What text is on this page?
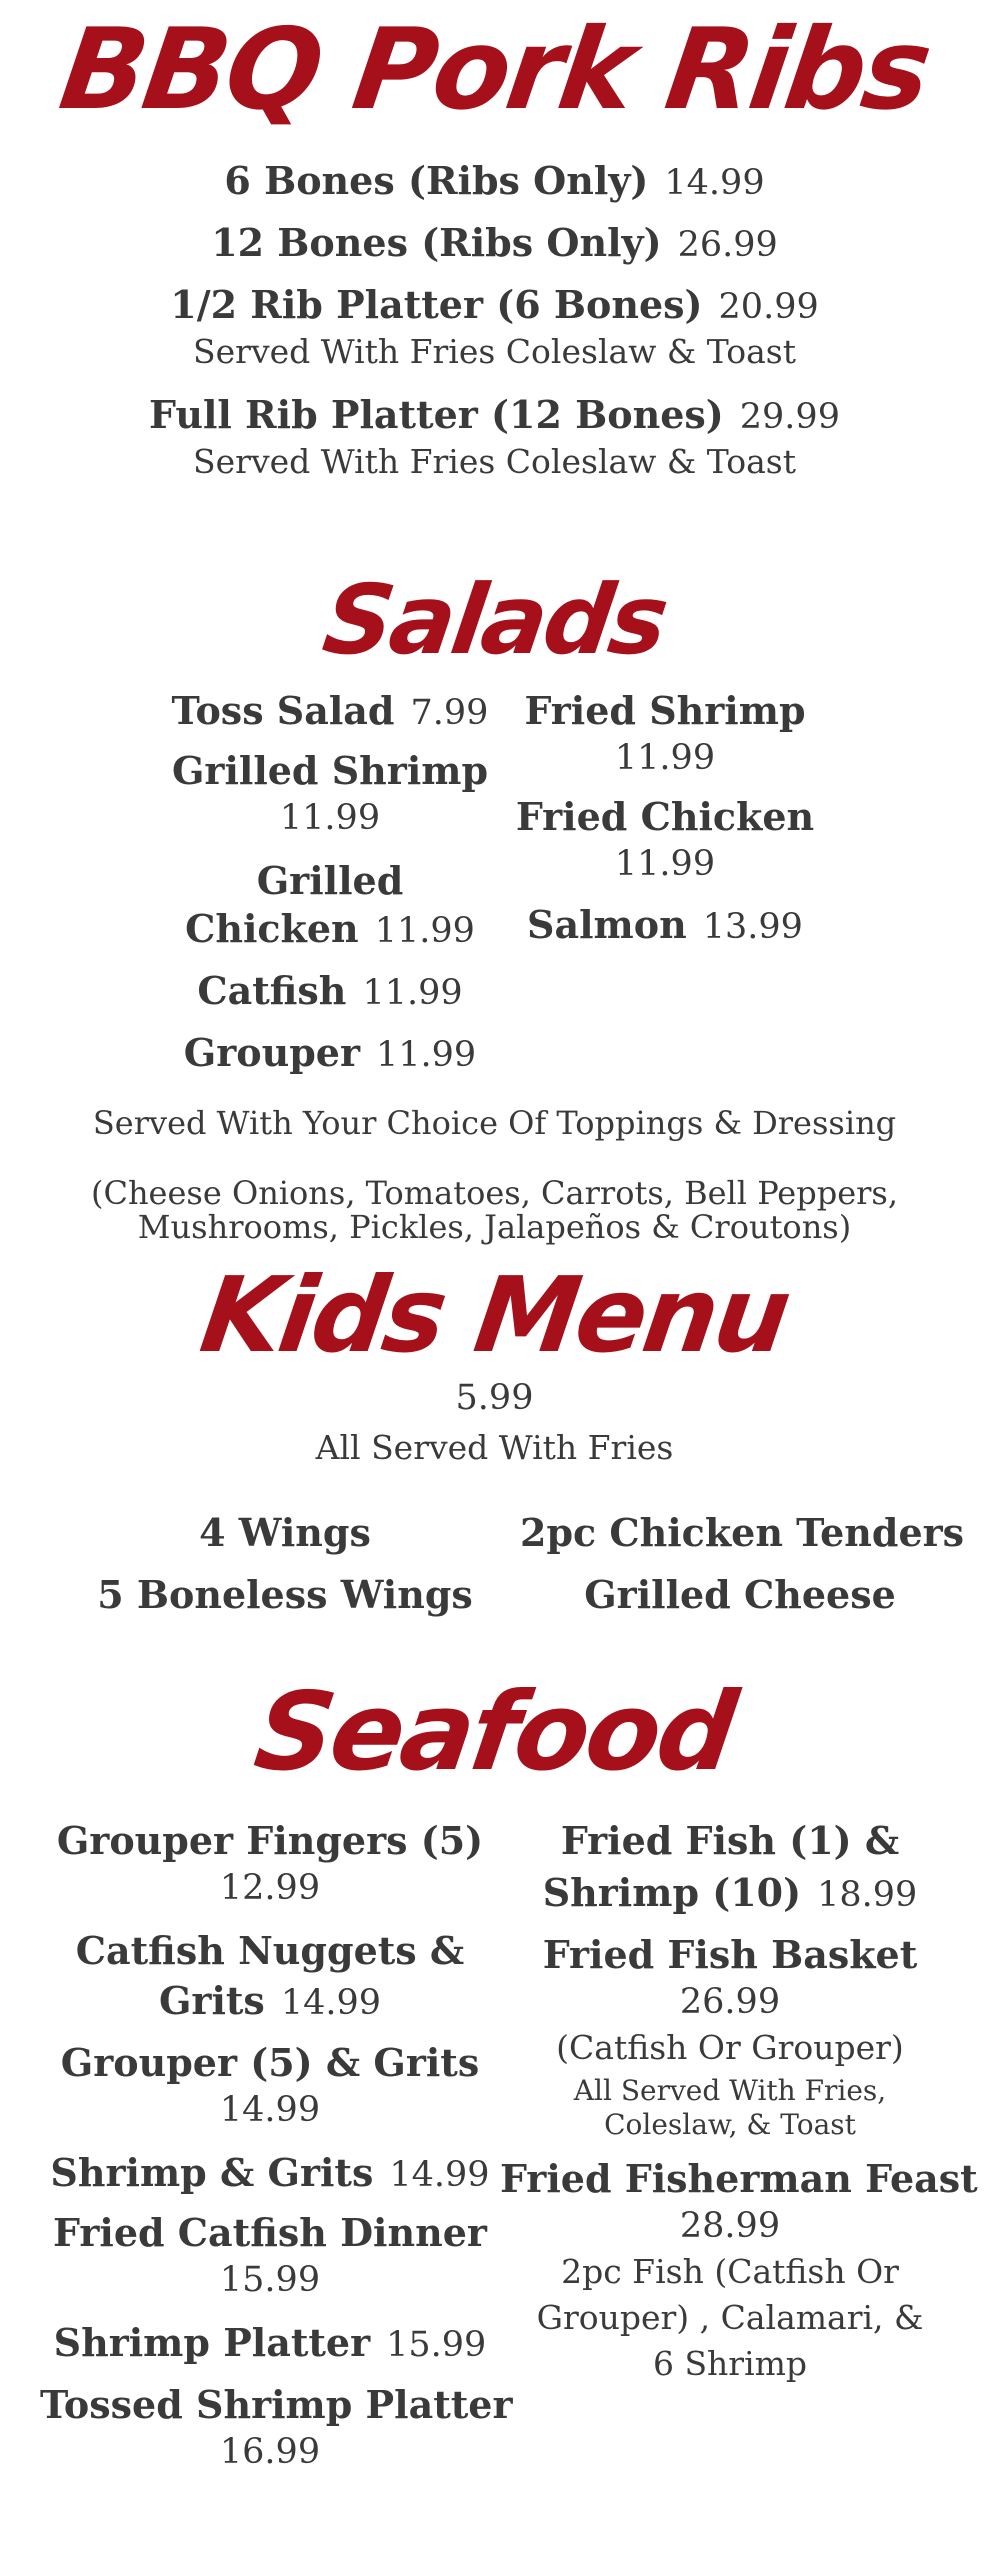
BBQ Pork Ribs
6 Bones (Ribs Only) 14.99
12 Bones (Ribs Only) 26.99
1/2 Rib Platter (6 Bones) 20.99
Served With Fries Coleslaw & Toast
Full Rib Platter (12 Bones) 29.99
Served With Fries Coleslaw & Toast
Salads
Toss Salad 7.99
Grilled Shrimp
11.99
Grilled
Chicken 11.99
Catfish 11.99
Grouper 11.99
Fried Shrimp
11.99
Fried Chicken
11.99
Salmon 13.99
Served With Your Choice Of Toppings & Dressing
(Cheese Onions, Tomatoes, Carrots, Bell Peppers,
Mushrooms, Pickles, Jalapeños & Croutons)
Kids Menu
5.99
All Served With Fries
4 Wings
5 Boneless Wings
2pc Chicken Tenders
Grilled Cheese
Seafood
Grouper Fingers (5)
12.99
Catfish Nuggets &
Grits 14.99
Grouper (5) & Grits
14.99
Shrimp & Grits 14.99
Fried Catfish Dinner
15.99
Shrimp Platter 15.99
Tossed Shrimp Platter
16.99
Fried Fish (1) &
Shrimp (10) 18.99
Fried Fish Basket
26.99
(Catfish Or Grouper)
All Served With Fries,
Coleslaw, & Toast
Fried Fisherman Feast
28.99
2pc Fish (Catfish Or
Grouper) , Calamari, &
6 Shrimp
